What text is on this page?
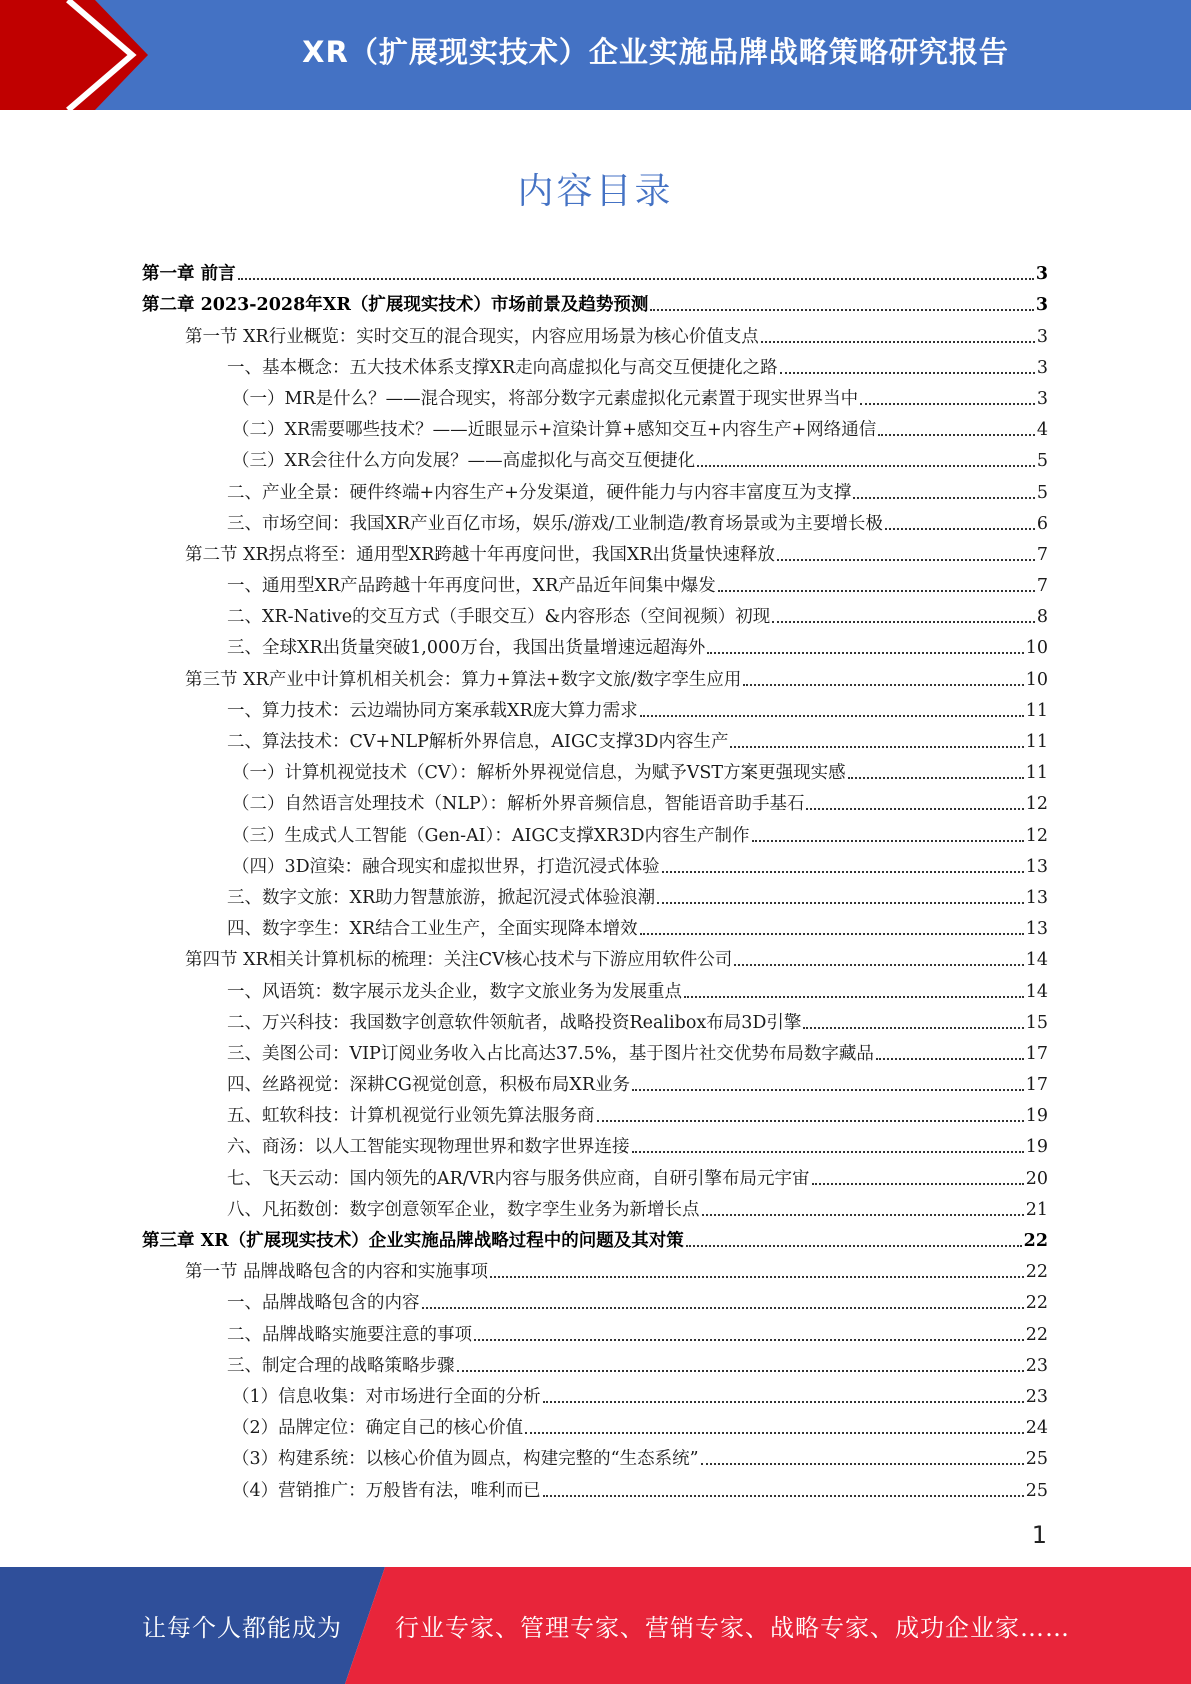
XR（扩展现实技术）企业实施品牌战略策略研究报告
内容目录
第一章 前言	3
第二章 2023-2028年XR（扩展现实技术）市场前景及趋势预测	3
第一节 XR行业概览：实时交互的混合现实，内容应用场景为核心价值支点	3
一、基本概念：五大技术体系支撑XR走向高虚拟化与高交互便捷化之路	3
（一）MR是什么？——混合现实，将部分数字元素虚拟化元素置于现实世界当中	3
（二）XR需要哪些技术？——近眼显示+渲染计算+感知交互+内容生产+网络通信	4
（三）XR会往什么方向发展？——高虚拟化与高交互便捷化	5
二、产业全景：硬件终端+内容生产+分发渠道，硬件能力与内容丰富度互为支撑	5
三、市场空间：我国XR产业百亿市场，娱乐/游戏/工业制造/教育场景或为主要增长极	6
第二节 XR拐点将至：通用型XR跨越十年再度问世，我国XR出货量快速释放	7
一、通用型XR产品跨越十年再度问世，XR产品近年间集中爆发	7
二、XR-Native的交互方式（手眼交互）&内容形态（空间视频）初现	8
三、全球XR出货量突破1,000万台，我国出货量增速远超海外	10
第三节 XR产业中计算机相关机会：算力+算法+数字文旅/数字孪生应用	10
一、算力技术：云边端协同方案承载XR庞大算力需求	11
二、算法技术：CV+NLP解析外界信息，AIGC支撑3D内容生产	11
（一）计算机视觉技术（CV）：解析外界视觉信息，为赋予VST方案更强现实感	11
（二）自然语言处理技术（NLP）：解析外界音频信息，智能语音助手基石	12
（三）生成式人工智能（Gen-AI）：AIGC支撑XR3D内容生产制作	12
（四）3D渲染：融合现实和虚拟世界，打造沉浸式体验	13
三、数字文旅：XR助力智慧旅游，掀起沉浸式体验浪潮	13
四、数字孪生：XR结合工业生产，全面实现降本增效	13
第四节 XR相关计算机标的梳理：关注CV核心技术与下游应用软件公司	14
一、风语筑：数字展示龙头企业，数字文旅业务为发展重点	14
二、万兴科技：我国数字创意软件领航者，战略投资Realibox布局3D引擎	15
三、美图公司：VIP订阅业务收入占比高达37.5%，基于图片社交优势布局数字藏品	17
四、丝路视觉：深耕CG视觉创意，积极布局XR业务	17
五、虹软科技：计算机视觉行业领先算法服务商	19
六、商汤：以人工智能实现物理世界和数字世界连接	19
七、飞天云动：国内领先的AR/VR内容与服务供应商，自研引擎布局元宇宙	20
八、凡拓数创：数字创意领军企业，数字孪生业务为新增长点	21
第三章 XR（扩展现实技术）企业实施品牌战略过程中的问题及其对策	22
第一节 品牌战略包含的内容和实施事项	22
一、品牌战略包含的内容	22
二、品牌战略实施要注意的事项	22
三、制定合理的战略策略步骤	23
（1）信息收集：对市场进行全面的分析	23
（2）品牌定位：确定自己的核心价值	24
（3）构建系统：以核心价值为圆点，构建完整的“生态系统”	25
（4）营销推广：万般皆有法，唯利而已	25
1
让每个人都能成为 行业专家、管理专家、营销专家、战略专家、成功企业家……
